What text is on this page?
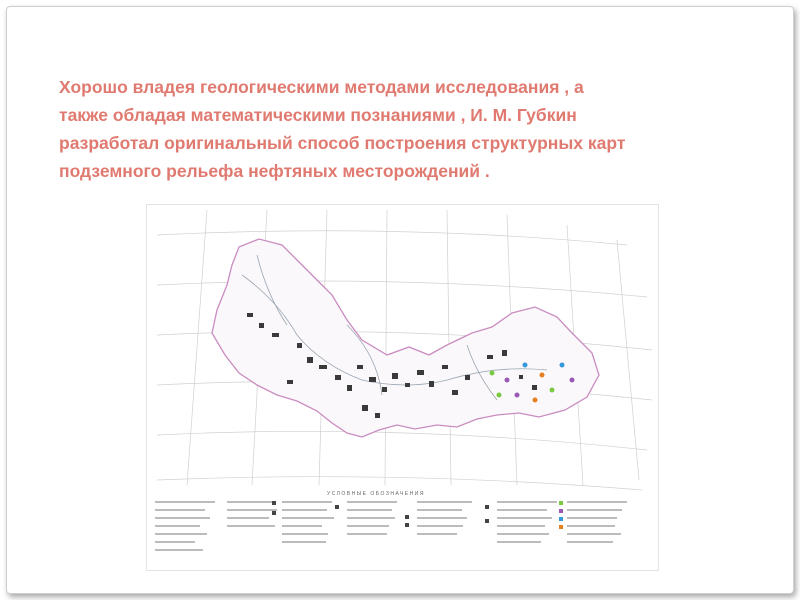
Хорошо владея геологическими методами исследования , а
также обладая математическими познаниями , И. М. Губкин
разработал оригинальный способ построения структурных карт
подземного рельефа нефтяных месторождений .

УСЛОВНЫЕ ОБОЗНАЧЕНИЯ
